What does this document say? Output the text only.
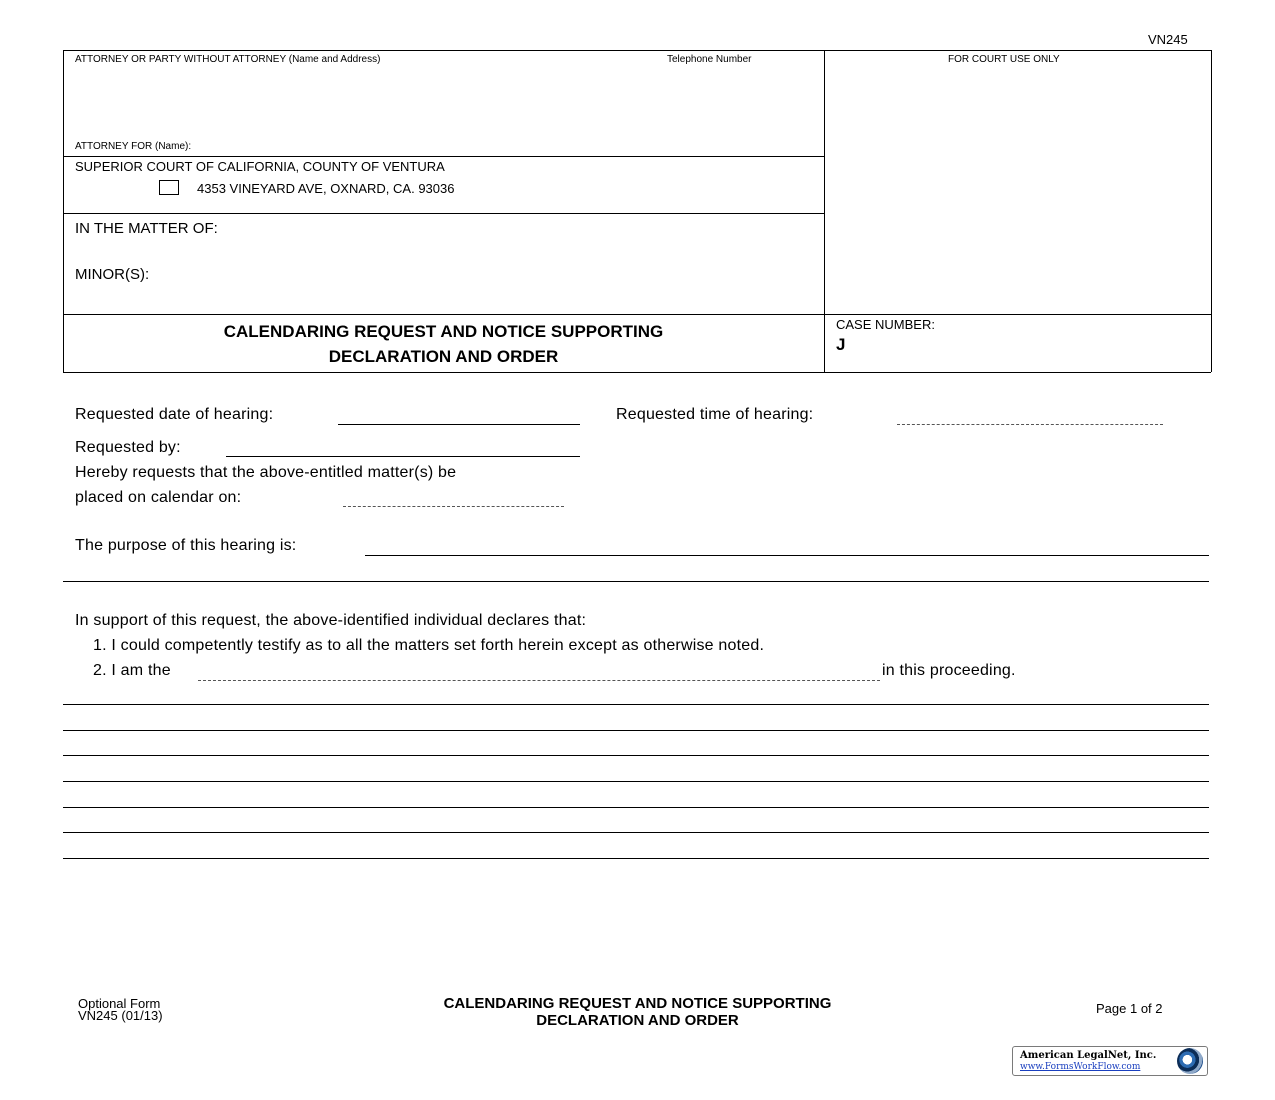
VN245
ATTORNEY OR PARTY WITHOUT ATTORNEY (Name and Address)	Telephone Number	FOR COURT USE ONLY
ATTORNEY FOR (Name):
SUPERIOR COURT OF CALIFORNIA, COUNTY OF VENTURA
4353 VINEYARD AVE, OXNARD, CA. 93036
IN THE MATTER OF:
MINOR(S):
CALENDARING REQUEST AND NOTICE SUPPORTING
DECLARATION AND ORDER
CASE NUMBER:
J
Requested date of hearing:	Requested time of hearing:
Requested by:
Hereby requests that the above-entitled matter(s) be
placed on calendar on:
The purpose of this hearing is:
In support of this request, the above-identified individual declares that:
1. I could competently testify as to all the matters set forth herein except as otherwise noted.
2. I am the	in this proceeding.
Optional Form
VN245 (01/13)
CALENDARING REQUEST AND NOTICE SUPPORTING
DECLARATION AND ORDER
Page 1 of 2
American LegalNet, Inc.
www.FormsWorkFlow.com
